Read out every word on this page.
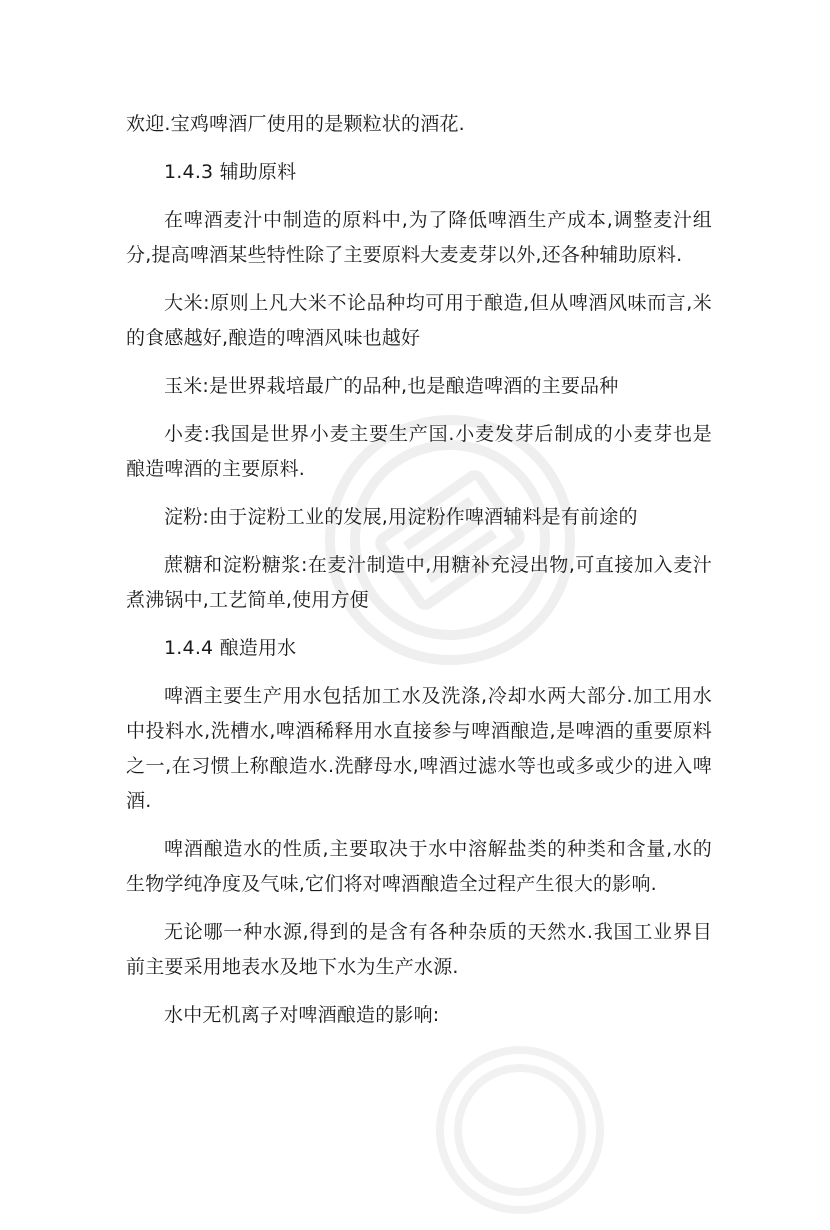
欢迎.宝鸡啤酒厂使用的是颗粒状的酒花.

1.4.3 辅助原料

在啤酒麦汁中制造的原料中,为了降低啤酒生产成本,调整麦汁组分,提高啤酒某些特性除了主要原料大麦麦芽以外,还各种辅助原料.

大米:原则上凡大米不论品种均可用于酿造,但从啤酒风味而言,米的食感越好,酿造的啤酒风味也越好

玉米:是世界栽培最广的品种,也是酿造啤酒的主要品种

小麦:我国是世界小麦主要生产国.小麦发芽后制成的小麦芽也是酿造啤酒的主要原料.

淀粉:由于淀粉工业的发展,用淀粉作啤酒辅料是有前途的

蔗糖和淀粉糖浆:在麦汁制造中,用糖补充浸出物,可直接加入麦汁煮沸锅中,工艺简单,使用方便

1.4.4 酿造用水

啤酒主要生产用水包括加工水及洗涤,冷却水两大部分.加工用水中投料水,洗槽水,啤酒稀释用水直接参与啤酒酿造,是啤酒的重要原料之一,在习惯上称酿造水.洗酵母水,啤酒过滤水等也或多或少的进入啤酒.

啤酒酿造水的性质,主要取决于水中溶解盐类的种类和含量,水的生物学纯净度及气味,它们将对啤酒酿造全过程产生很大的影响.

无论哪一种水源,得到的是含有各种杂质的天然水.我国工业界目前主要采用地表水及地下水为生产水源.

水中无机离子对啤酒酿造的影响:
